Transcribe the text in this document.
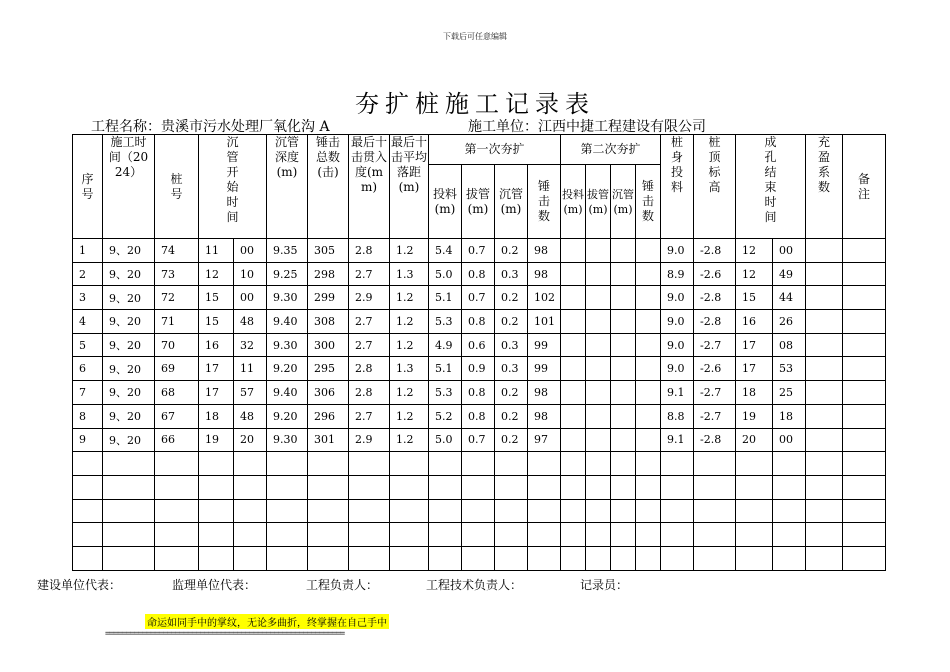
下载后可任意编辑
夯扩桩施工记录表
工程名称：贵溪市污水处理厂氧化沟 A	施工单位：江西中捷工程建设有限公司
序号	施工时间（2024）	桩号	沉管开始时间		沉管深度(m)	锤击总数(击)	最后十击贯入度(mm)	最后十击平均落距(m)	第一次夯扩				第二次夯扩				桩身投料	桩顶标高	成孔结束时间		充盈系数	备注

									投料(m)	拔管(m)	沉管(m)	锤击数	投料(m)	拔管(m)	沉管(m)	锤击数						

1	9、20	74	11	00	9.35	305	2.8	1.2	5.4	0.7	0.2	98					9.0	-2.8	12	00		
2	9、20	73	12	10	9.25	298	2.7	1.3	5.0	0.8	0.3	98					8.9	-2.6	12	49		
3	9、20	72	15	00	9.30	299	2.9	1.2	5.1	0.7	0.2	102					9.0	-2.8	15	44		
4	9、20	71	15	48	9.40	308	2.7	1.2	5.3	0.8	0.2	101					9.0	-2.8	16	26		
5	9、20	70	16	32	9.30	300	2.7	1.2	4.9	0.6	0.3	99					9.0	-2.7	17	08		
6	9、20	69	17	11	9.20	295	2.8	1.3	5.1	0.9	0.3	99					9.0	-2.6	17	53		
7	9、20	68	17	57	9.40	306	2.8	1.2	5.3	0.8	0.2	98					9.1	-2.7	18	25		
8	9、20	67	18	48	9.20	296	2.7	1.2	5.2	0.8	0.2	98					8.8	-2.7	19	18		
9	9、20	66	19	20	9.30	301	2.9	1.2	5.0	0.7	0.2	97					9.1	-2.8	20	00		

建设单位代表：	监理单位代表：	工程负责人：	工程技术负责人：	记录员：
命运如同手中的掌纹，无论多曲折，终掌握在自己手中
==========================================================
